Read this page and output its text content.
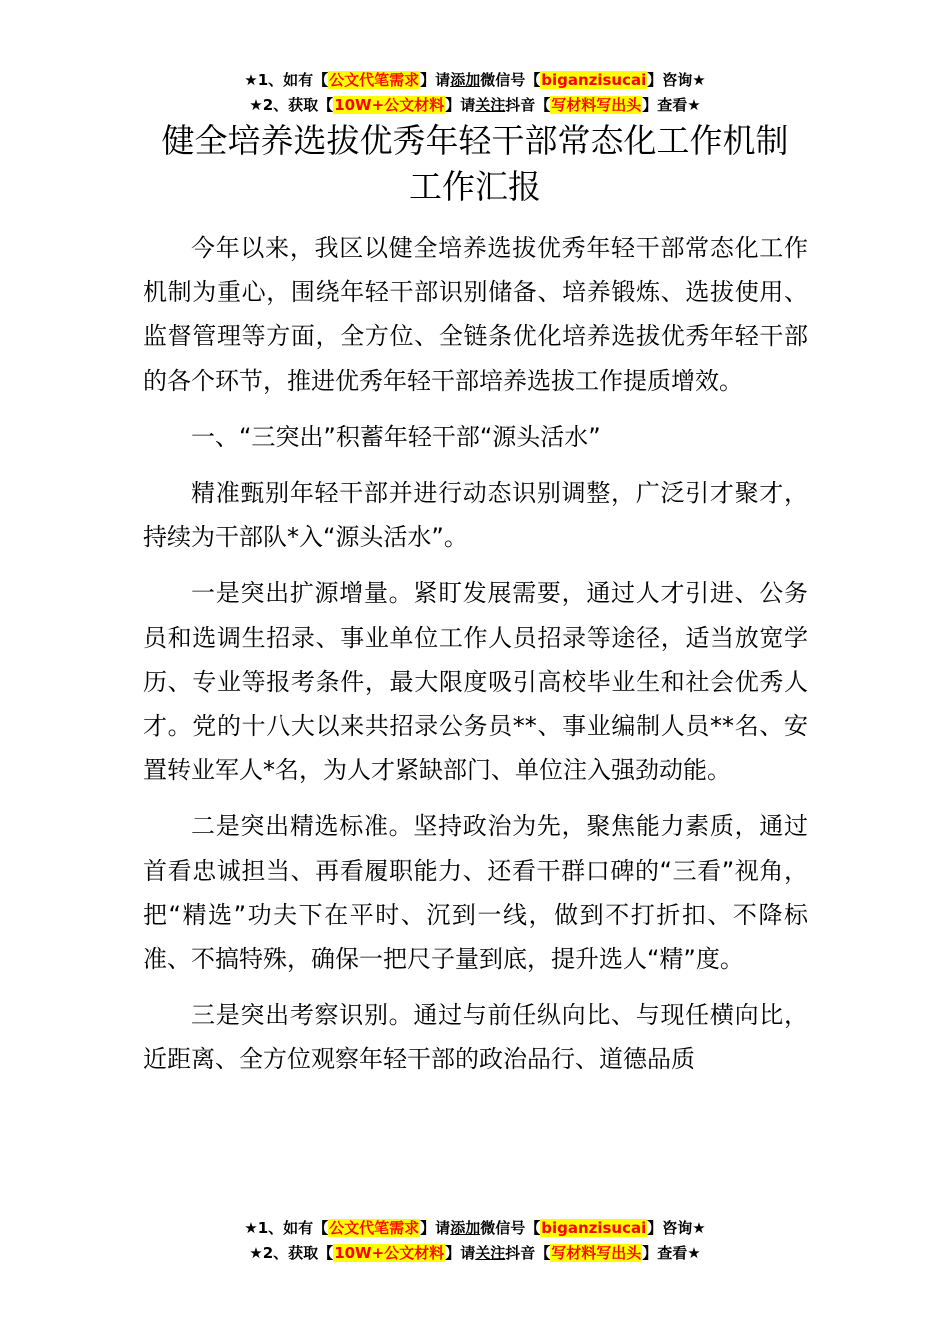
★1、如有【公文代笔需求】请添加微信号【biganzisucai】咨询★
★2、获取【10W+公文材料】请关注抖音【写材料写出头】查看★
健全培养选拔优秀年轻干部常态化工作机制
工作汇报

今年以来，我区以健全培养选拔优秀年轻干部常态化工作机制为重心，围绕年轻干部识别储备、培养锻炼、选拔使用、监督管理等方面，全方位、全链条优化培养选拔优秀年轻干部的各个环节，推进优秀年轻干部培养选拔工作提质增效。

一、“三突出”积蓄年轻干部“源头活水”

精准甄别年轻干部并进行动态识别调整，广泛引才聚才，持续为干部队*入“源头活水”。

一是突出扩源增量。紧盯发展需要，通过人才引进、公务员和选调生招录、事业单位工作人员招录等途径，适当放宽学历、专业等报考条件，最大限度吸引高校毕业生和社会优秀人才。党的十八大以来共招录公务员**、事业编制人员**名、安置转业军人*名，为人才紧缺部门、单位注入强劲动能。

二是突出精选标准。坚持政治为先，聚焦能力素质，通过首看忠诚担当、再看履职能力、还看干群口碑的“三看”视角，把“精选”功夫下在平时、沉到一线，做到不打折扣、不降标准、不搞特殊，确保一把尺子量到底，提升选人“精”度。

三是突出考察识别。通过与前任纵向比、与现任横向比，近距离、全方位观察年轻干部的政治品行、道德品质

★1、如有【公文代笔需求】请添加微信号【biganzisucai】咨询★
★2、获取【10W+公文材料】请关注抖音【写材料写出头】查看★
